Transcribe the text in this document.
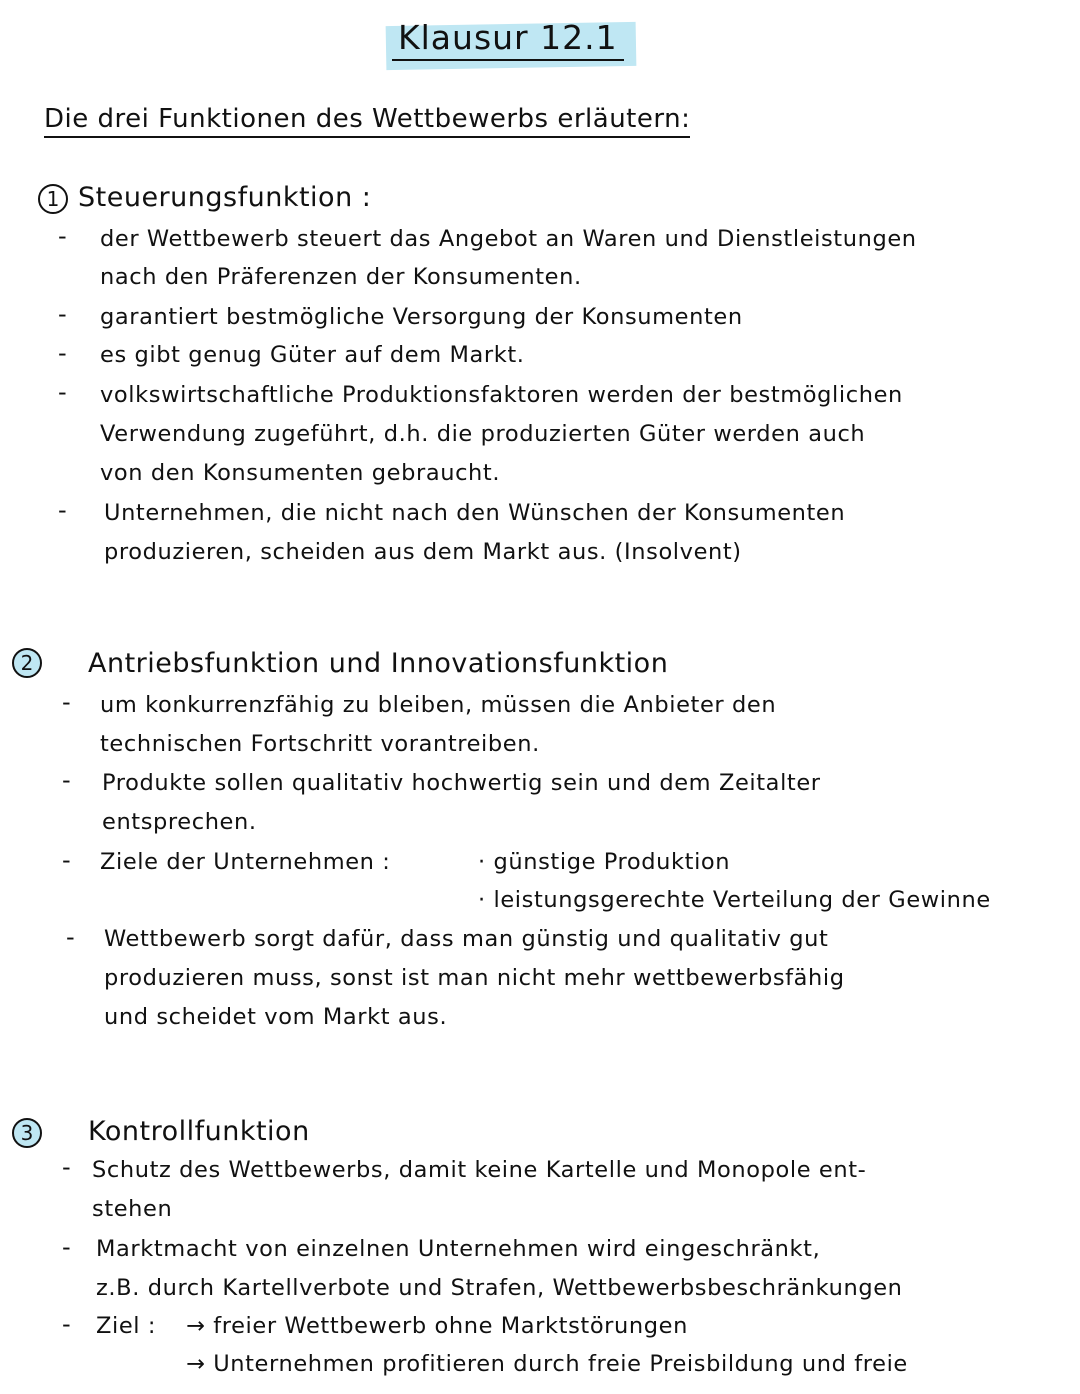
Klausur 12.1
Die drei Funktionen des Wettbewerbs erläutern:
1 Steuerungsfunktion :
- der Wettbewerb steuert das Angebot an Waren und Dienstleistungen
nach den Präferenzen der Konsumenten.
- garantiert bestmögliche Versorgung der Konsumenten
- es gibt genug Güter auf dem Markt.
- volkswirtschaftliche Produktionsfaktoren werden der bestmöglichen
Verwendung zugeführt, d.h. die produzierten Güter werden auch
von den Konsumenten gebraucht.
- Unternehmen, die nicht nach den Wünschen der Konsumenten
produzieren, scheiden aus dem Markt aus. (Insolvent)
2	Antriebsfunktion und Innovationsfunktion
- um konkurrenzfähig zu bleiben, müssen die Anbieter den
technischen Fortschritt vorantreiben.
- Produkte sollen qualitativ hochwertig sein und dem Zeitalter
entsprechen.
- Ziele der Unternehmen :	· günstige Produktion
· leistungsgerechte Verteilung der Gewinne
- Wettbewerb sorgt dafür, dass man günstig und qualitativ gut
produzieren muss, sonst ist man nicht mehr wettbewerbsfähig
und scheidet vom Markt aus.
3	Kontrollfunktion
- Schutz des Wettbewerbs, damit keine Kartelle und Monopole ent-
stehen
- Marktmacht von einzelnen Unternehmen wird eingeschränkt,
z.B. durch Kartellverbote und Strafen, Wettbewerbsbeschränkungen
- Ziel : → freier Wettbewerb ohne Marktstörungen
→ Unternehmen profitieren durch freie Preisbildung und freie
